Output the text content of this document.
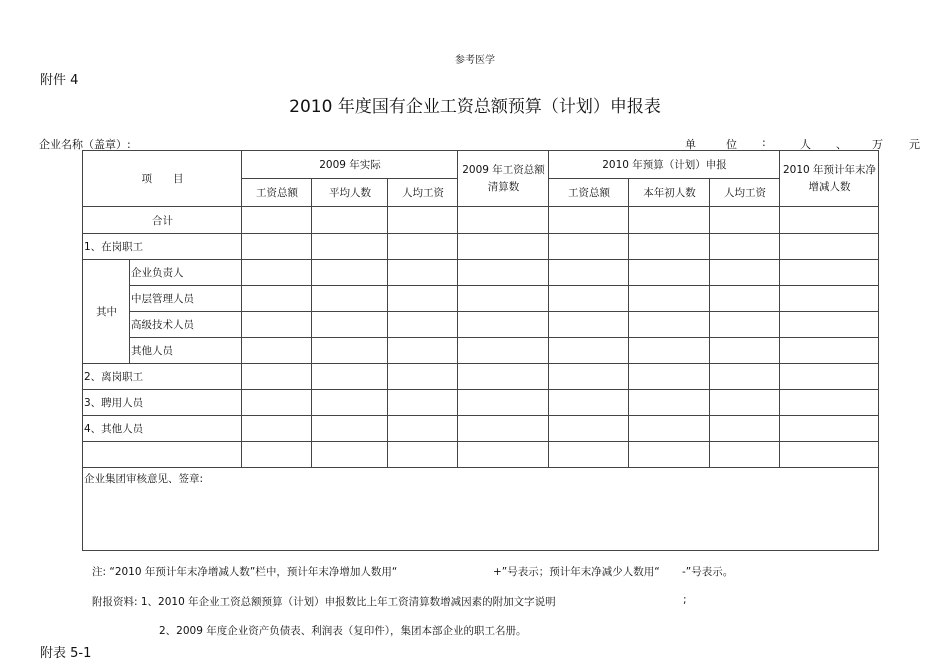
参考医学
附件 4
2010 年度国有企业工资总额预算（计划）申报表
企业名称（盖章）:	单	位 :	人 、 万 元
项　　目		2009 年实际			2009 年工资总额清算数	2010 年预算（计划）申报			2010 年预计年末净增减人数
		工资总额	平均人数	人均工资		工资总额	本年初人数	人均工资	
合计									
1、在岗职工									
其中	企业负责人								
	中层管理人员								
	高级技术人员								
	其他人员								
2、离岗职工									
3、聘用人员									
4、其他人员									

企业集团审核意见、签章:									
注: “2010 年预计年末净增减人数”栏中，预计年末净增加人数用“	+”号表示；预计年末净减少人数用“ -”号表示。
附报资料: 1、2010 年企业工资总额预算（计划）申报数比上年工资清算数增减因素的附加文字说明	;
2、2009 年度企业资产负债表、利润表（复印件），集团本部企业的职工名册。
附表 5-1
